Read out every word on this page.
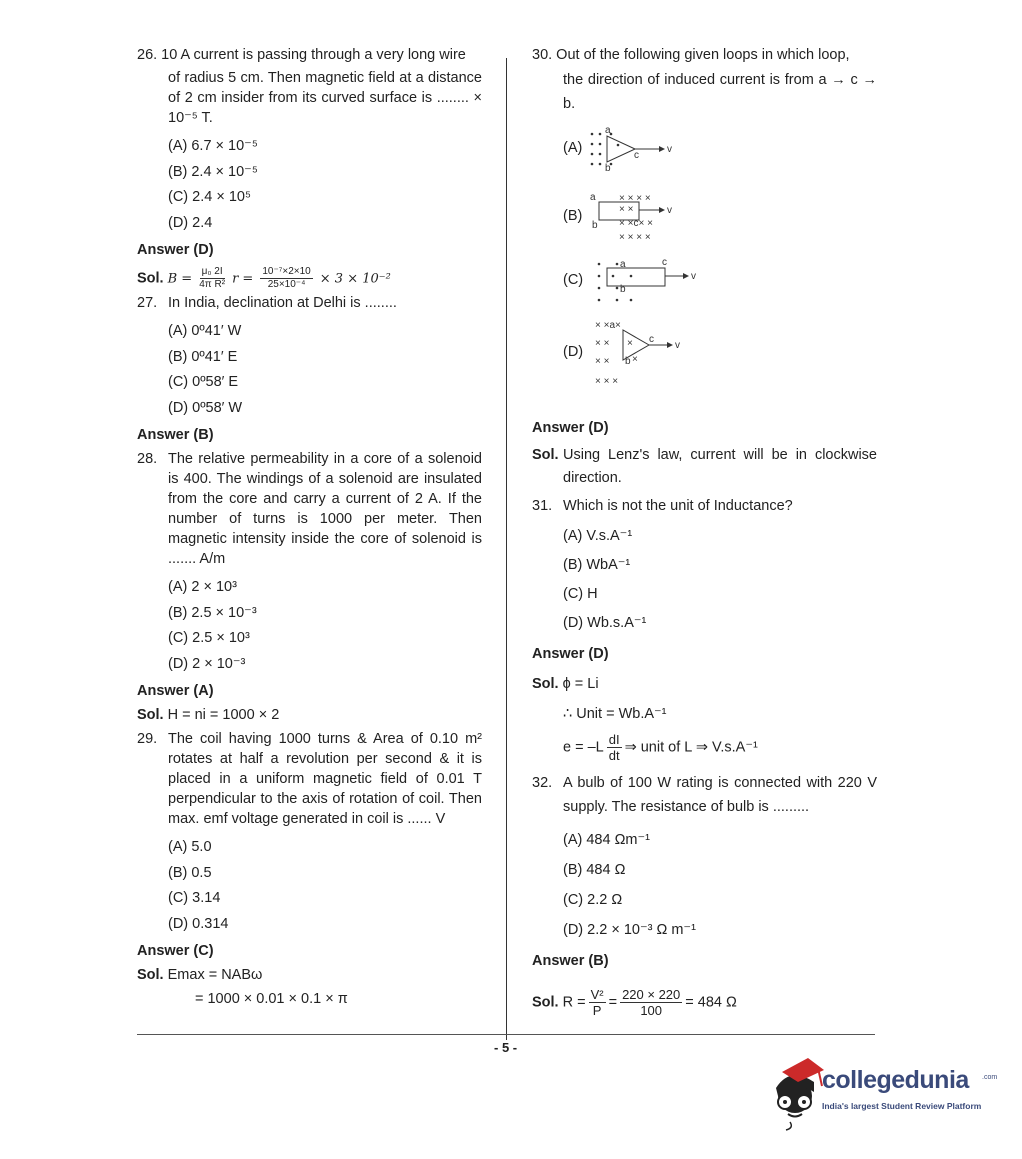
26. 10 A current is passing through a very long wire
of radius 5 cm. Then magnetic field at a distance of 2 cm insider from its curved surface is ........ × 10⁻⁵ T.
(A) 6.7 × 10⁻⁵
(B) 2.4 × 10⁻⁵
(C) 2.4 × 10⁵
(D) 2.4
Answer (D)
Sol. $B = \frac{\text{μ₀ 2I}}{\text{4π R²}}$ $r = \frac{\text{10⁻⁷×2×10}}{\text{25×10⁻⁴}} \times 3 \times 10^{-2}$
27. In India, declination at Delhi is ........
(A) 0º41′ W
(B) 0º41′ E
(C) 0º58′ E
(D) 0º58′ W
Answer (B)
28. The relative permeability in a core of a solenoid is 400. The windings of a solenoid are insulated from the core and carry a current of 2 A. If the number of turns is 1000 per meter. Then magnetic intensity inside the core of solenoid is ....... A/m
(A) 2 × 10³
(B) 2.5 × 10⁻³
(C) 2.5 × 10³
(D) 2 × 10⁻³
Answer (A)
Sol. H = ni = 1000 × 2
29. The coil having 1000 turns & Area of 0.10 m² rotates at half a revolution per second & it is placed in a uniform magnetic field of 0.01 T perpendicular to the axis of rotation of coil. Then max. emf voltage generated in coil is ...... V
(A) 5.0
(B) 0.5
(C) 3.14
(D) 0.314
Answer (C)
Sol. Emax = NABω
= 1000 × 0.01 × 0.1 × π
30. Out of the following given loops in which loop,
the direction of induced current is from a → c → b.
(A)
a
c
b
v
(B)
a
b
× × × ×
× ×
× ×c× ×
× × × ×
v
(C)
a
b
c
v
(D)
× ×a×
× × ×
× × b ×
× × ×
c
v
Answer (D)
Sol. Using Lenz's law, current will be in clockwise direction.
31. Which is not the unit of Inductance?
(A) V.s.A⁻¹
(B) WbA⁻¹
(C) H
(D) Wb.s.A⁻¹
Answer (D)
Sol. ϕ = Li
∴ Unit = Wb.A⁻¹
$e = -L \frac{dI}{dt}$ ⇒ unit of L ⇒ V.s.A⁻¹
32. A bulb of 100 W rating is connected with 220 V supply. The resistance of bulb is .........
(A) 484 Ωm⁻¹
(B) 484 Ω
(C) 2.2 Ω
(D) 2.2 × 10⁻³ Ω m⁻¹
Answer (B)
Sol. $R = \frac{\text{V²}}{P} = \frac{220 \times 220}{100} = 484$ Ω
- 5 -
collegedunia .com
India's largest Student Review Platform
